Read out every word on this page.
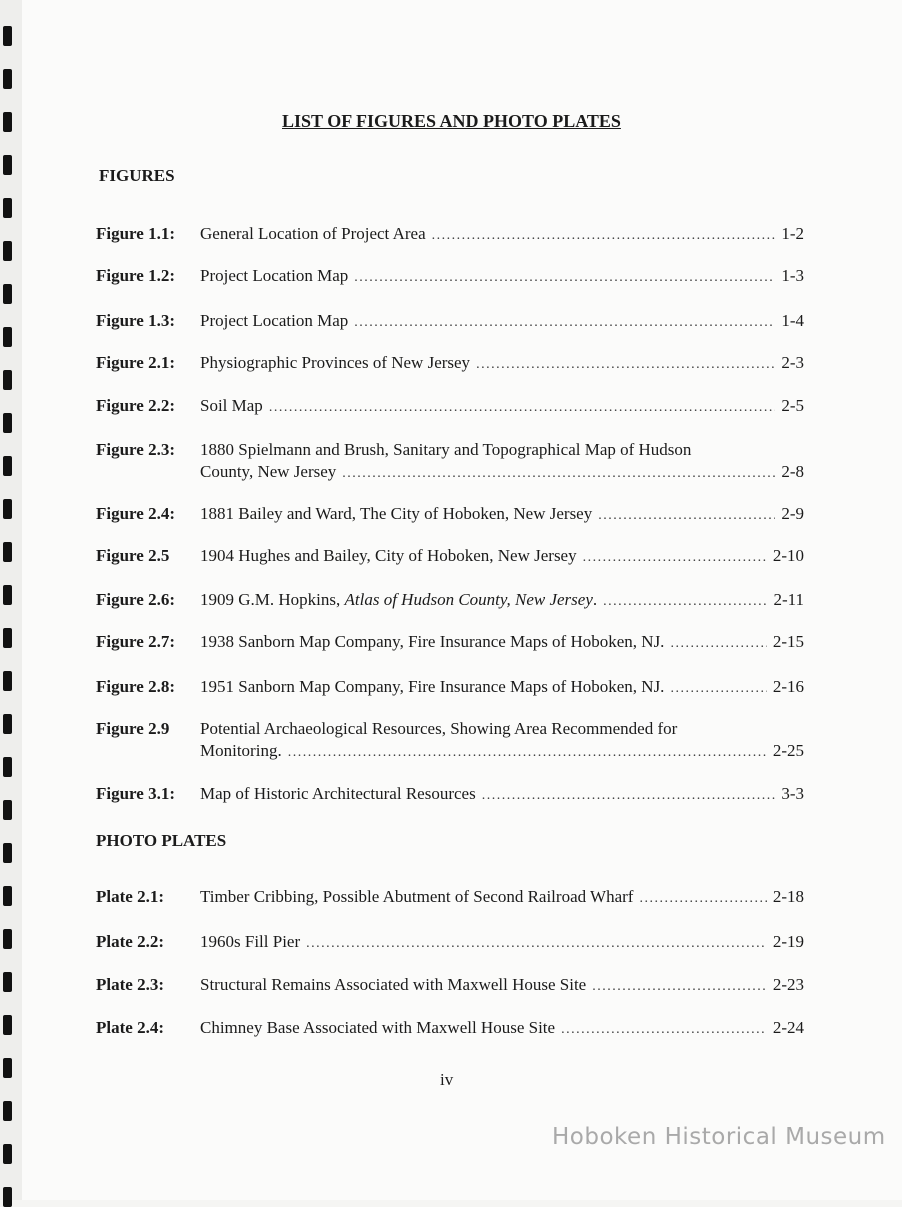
LIST OF FIGURES AND PHOTO PLATES
FIGURES
Figure 1.1:	General Location of Project Area . . .	1-2
Figure 1.2:	Project Location Map . . .	1-3
Figure 1.3:	Project Location Map . . .	1-4
Figure 2.1:	Physiographic Provinces of New Jersey . . .	2-3
Figure 2.2:	Soil Map . . .	2-5
Figure 2.3:	1880 Spielmann and Brush, Sanitary and Topographical Map of Hudson
County, New Jersey . . .	2-8
Figure 2.4:	1881 Bailey and Ward, The City of Hoboken, New Jersey . . .	2-9
Figure 2.5	1904 Hughes and Bailey, City of Hoboken, New Jersey . . .	2-10
Figure 2.6:	1909 G.M. Hopkins, Atlas of Hudson County, New Jersey. . . .	2-11
Figure 2.7:	1938 Sanborn Map Company, Fire Insurance Maps of Hoboken, NJ. . . .	2-15
Figure 2.8:	1951 Sanborn Map Company, Fire Insurance Maps of Hoboken, NJ. . . .	2-16
Figure 2.9	Potential Archaeological Resources, Showing Area Recommended for
Monitoring. . . .	2-25
Figure 3.1:	Map of Historic Architectural Resources . . .	3-3
PHOTO PLATES
Plate 2.1:	Timber Cribbing, Possible Abutment of Second Railroad Wharf . . .	2-18
Plate 2.2:	1960s Fill Pier . . .	2-19
Plate 2.3:	Structural Remains Associated with Maxwell House Site . . .	2-23
Plate 2.4:	Chimney Base Associated with Maxwell House Site . . .	2-24
iv
Hoboken Historical Museum
